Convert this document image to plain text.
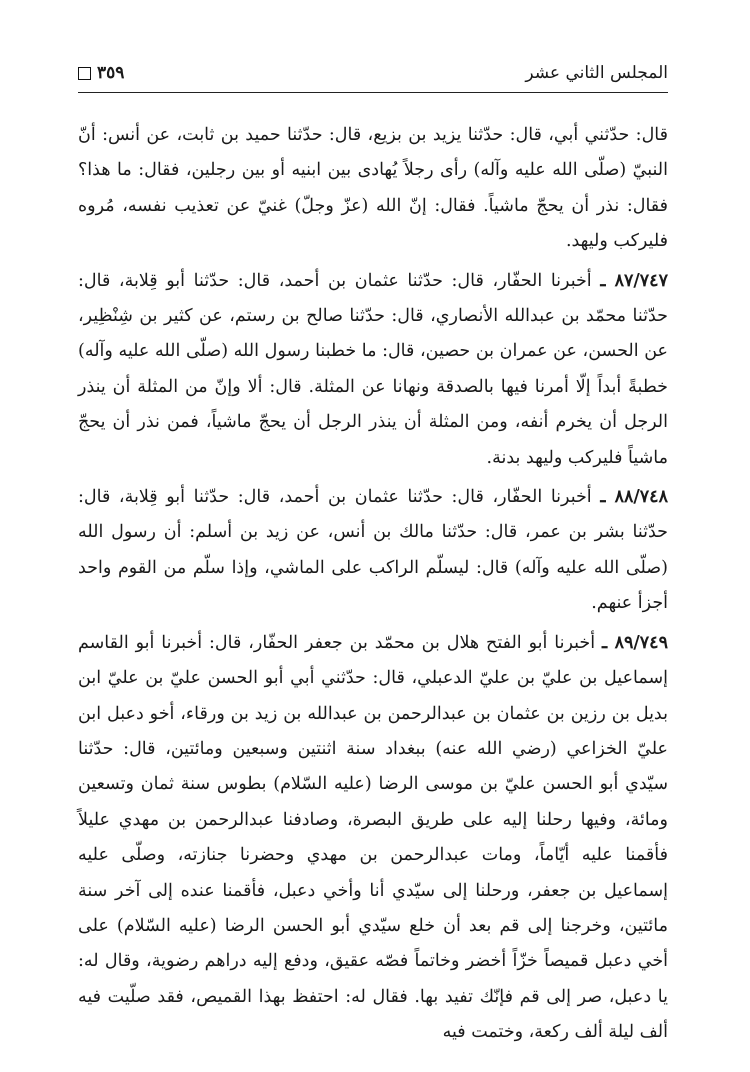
المجلس الثاني عشر
٣٥٩

قال: حدّثني أبي، قال: حدّثنا يزيد بن بزيع، قال: حدّثنا حميد بن ثابت، عن أنس: أنّ النبيّ (صلّى الله عليه وآله) رأى رجلاً يُهادى بين ابنيه أو بين رجلين، فقال: ما هذا؟ فقال: نذر أن يحجّ ماشياً. فقال: إنّ الله (عزّ وجلّ) غنيّ عن تعذيب نفسه، مُروه فليركب وليهد.

٨٧/٧٤٧ ـ أخبرنا الحفّار، قال: حدّثنا عثمان بن أحمد، قال: حدّثنا أبو قِلابة، قال: حدّثنا محمّد بن عبدالله الأنصاري، قال: حدّثنا صالح بن رستم، عن كثير بن شِنْظِير، عن الحسن، عن عمران بن حصين، قال: ما خطبنا رسول الله (صلّى الله عليه وآله) خطبةً أبداً إلّا أمرنا فيها بالصدقة ونهانا عن المثلة. قال: ألا وإنّ من المثلة أن ينذر الرجل أن يخرم أنفه، ومن المثلة أن ينذر الرجل أن يحجّ ماشياً، فمن نذر أن يحجّ ماشياً فليركب وليهد بدنة.

٨٨/٧٤٨ ـ أخبرنا الحفّار، قال: حدّثنا عثمان بن أحمد، قال: حدّثنا أبو قِلابة، قال: حدّثنا بشر بن عمر، قال: حدّثنا مالك بن أنس، عن زيد بن أسلم: أن رسول الله (صلّى الله عليه وآله) قال: ليسلّم الراكب على الماشي، وإذا سلّم من القوم واحد أجزأ عنهم.

٨٩/٧٤٩ ـ أخبرنا أبو الفتح هلال بن محمّد بن جعفر الحفّار، قال: أخبرنا أبو القاسم إسماعيل بن عليّ بن عليّ الدعبلي، قال: حدّثني أبي أبو الحسن عليّ بن عليّ ابن بديل بن رزين بن عثمان بن عبدالرحمن بن عبدالله بن زيد بن ورقاء، أخو دعبل ابن عليّ الخزاعي (رضي الله عنه) ببغداد سنة اثنتين وسبعين ومائتين، قال: حدّثنا سيّدي أبو الحسن عليّ بن موسى الرضا (عليه السّلام) بطوس سنة ثمان وتسعين ومائة، وفيها رحلنا إليه على طريق البصرة، وصادفنا عبدالرحمن بن مهدي عليلاً فأقمنا عليه أيّاماً، ومات عبدالرحمن بن مهدي وحضرنا جنازته، وصلّى عليه إسماعيل بن جعفر، ورحلنا إلى سيّدي أنا وأخي دعبل، فأقمنا عنده إلى آخر سنة مائتين، وخرجنا إلى قم بعد أن خلع سيّدي أبو الحسن الرضا (عليه السّلام) على أخي دعبل قميصاً خزّاً أخضر وخاتماً فصّه عقيق، ودفع إليه دراهم رضوية، وقال له: يا دعبل، صر إلى قم فإنّك تفيد بها. فقال له: احتفظ بهذا القميص، فقد صلّيت فيه ألف ليلة ألف ركعة، وختمت فيه
